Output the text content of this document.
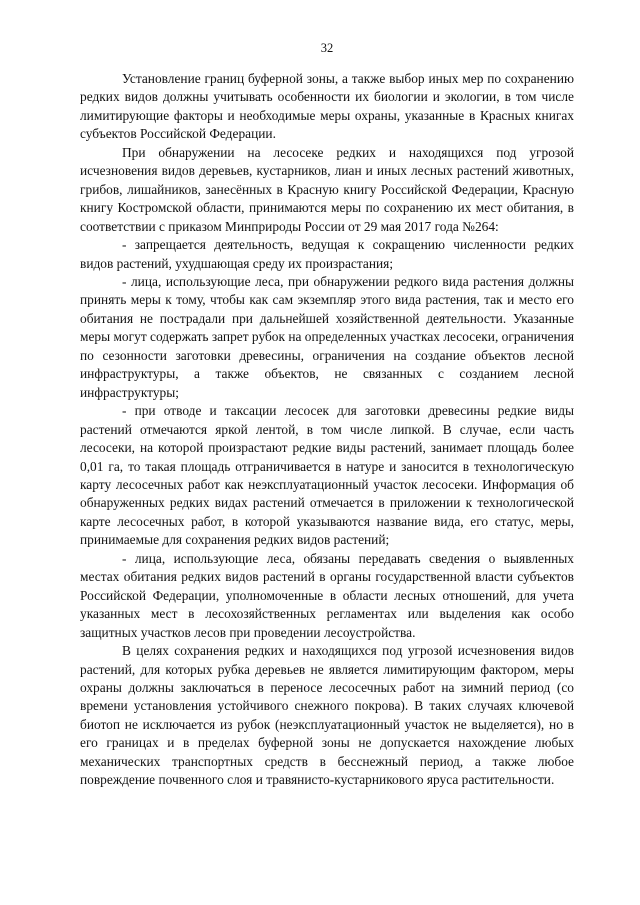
32

Установление границ буферной зоны, а также выбор иных мер по сохранению редких видов должны учитывать особенности их биологии и экологии, в том числе лимитирующие факторы и необходимые меры охраны, указанные в Красных книгах субъектов Российской Федерации.

При обнаружении на лесосеке редких и находящихся под угрозой исчезновения видов деревьев, кустарников, лиан и иных лесных растений животных, грибов, лишайников, занесённых в Красную книгу Российской Федерации, Красную книгу Костромской области, принимаются меры по сохранению их мест обитания, в соответствии с приказом Минприроды России от 29 мая 2017 года №264:

- запрещается деятельность, ведущая к сокращению численности редких видов растений, ухудшающая среду их произрастания;

- лица, использующие леса, при обнаружении редкого вида растения должны принять меры к тому, чтобы как сам экземпляр этого вида растения, так и место его обитания не пострадали при дальнейшей хозяйственной деятельности. Указанные меры могут содержать запрет рубок на определенных участках лесосеки, ограничения по сезонности заготовки древесины, ограничения на создание объектов лесной инфраструктуры, а также объектов, не связанных с созданием лесной инфраструктуры;

- при отводе и таксации лесосек для заготовки древесины редкие виды растений отмечаются яркой лентой, в том числе липкой. В случае, если часть лесосеки, на которой произрастают редкие виды растений, занимает площадь более 0,01 га, то такая площадь отграничивается в натуре и заносится в технологическую карту лесосечных работ как неэксплуатационный участок лесосеки. Информация об обнаруженных редких видах растений отмечается в приложении к технологической карте лесосечных работ, в которой указываются название вида, его статус, меры, принимаемые для сохранения редких видов растений;

- лица, использующие леса, обязаны передавать сведения о выявленных местах обитания редких видов растений в органы государственной власти субъектов Российской Федерации, уполномоченные в области лесных отношений, для учета указанных мест в лесохозяйственных регламентах или выделения как особо защитных участков лесов при проведении лесоустройства.

В целях сохранения редких и находящихся под угрозой исчезновения видов растений, для которых рубка деревьев не является лимитирующим фактором, меры охраны должны заключаться в переносе лесосечных работ на зимний период (со времени установления устойчивого снежного покрова). В таких случаях ключевой биотоп не исключается из рубок (неэксплуатационный участок не выделяется), но в его границах и в пределах буферной зоны не допускается нахождение любых механических транспортных средств в бесснежный период, а также любое повреждение почвенного слоя и травянисто-кустарникового яруса растительности.
